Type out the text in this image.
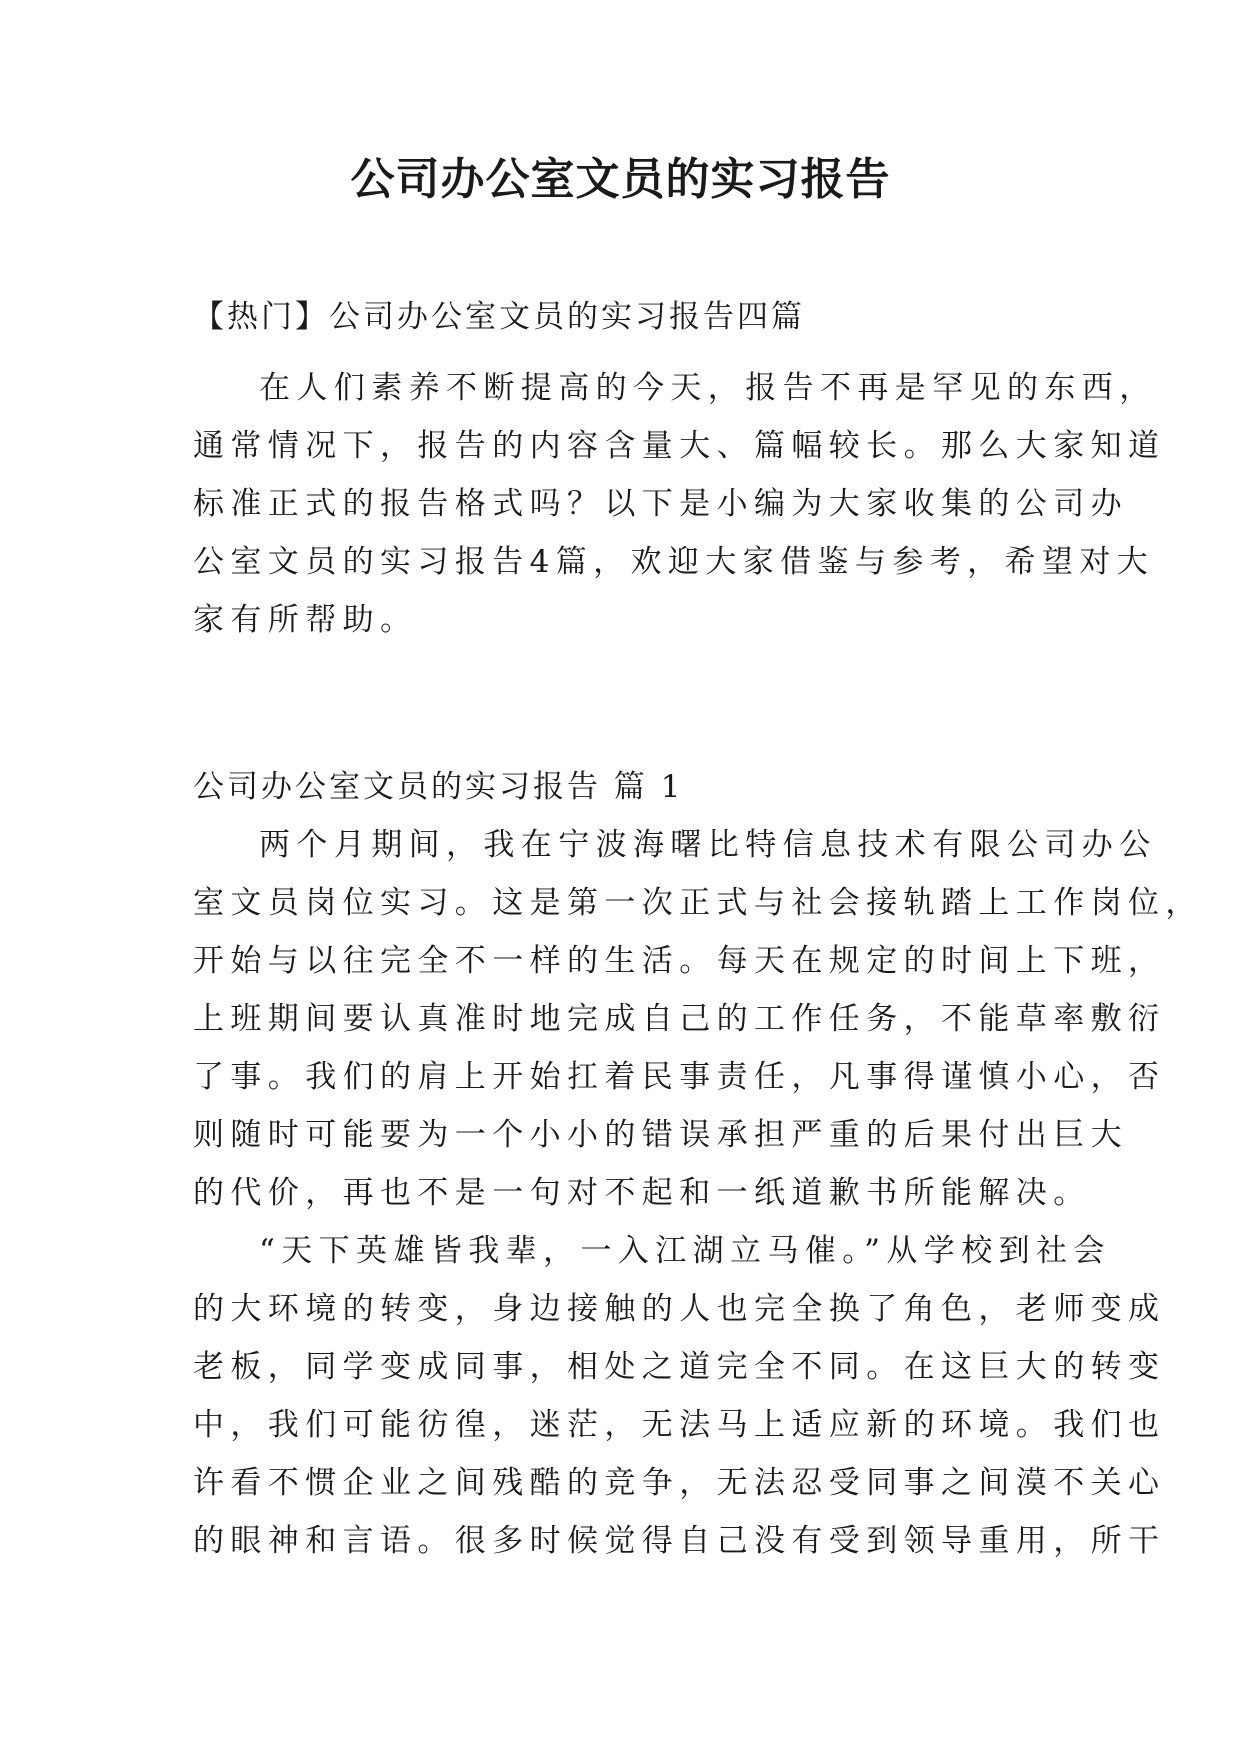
公司办公室文员的实习报告
【热门】公司办公室文员的实习报告四篇
在人们素养不断提高的今天，报告不再是罕见的东西，
通常情况下，报告的内容含量大、篇幅较长。那么大家知道
标准正式的报告格式吗？以下是小编为大家收集的公司办
公室文员的实习报告4篇，欢迎大家借鉴与参考，希望对大
家有所帮助。
公司办公室文员的实习报告 篇 1
两个月期间，我在宁波海曙比特信息技术有限公司办公
室文员岗位实习。这是第一次正式与社会接轨踏上工作岗位，
开始与以往完全不一样的生活。每天在规定的时间上下班，
上班期间要认真准时地完成自己的工作任务，不能草率敷衍
了事。我们的肩上开始扛着民事责任，凡事得谨慎小心，否
则随时可能要为一个小小的错误承担严重的后果付出巨大
的代价，再也不是一句对不起和一纸道歉书所能解决。
“天下英雄皆我辈，一入江湖立马催。”从学校到社会
的大环境的转变，身边接触的人也完全换了角色，老师变成
老板，同学变成同事，相处之道完全不同。在这巨大的转变
中，我们可能彷徨，迷茫，无法马上适应新的环境。我们也
许看不惯企业之间残酷的竞争，无法忍受同事之间漠不关心
的眼神和言语。很多时候觉得自己没有受到领导重用，所干
